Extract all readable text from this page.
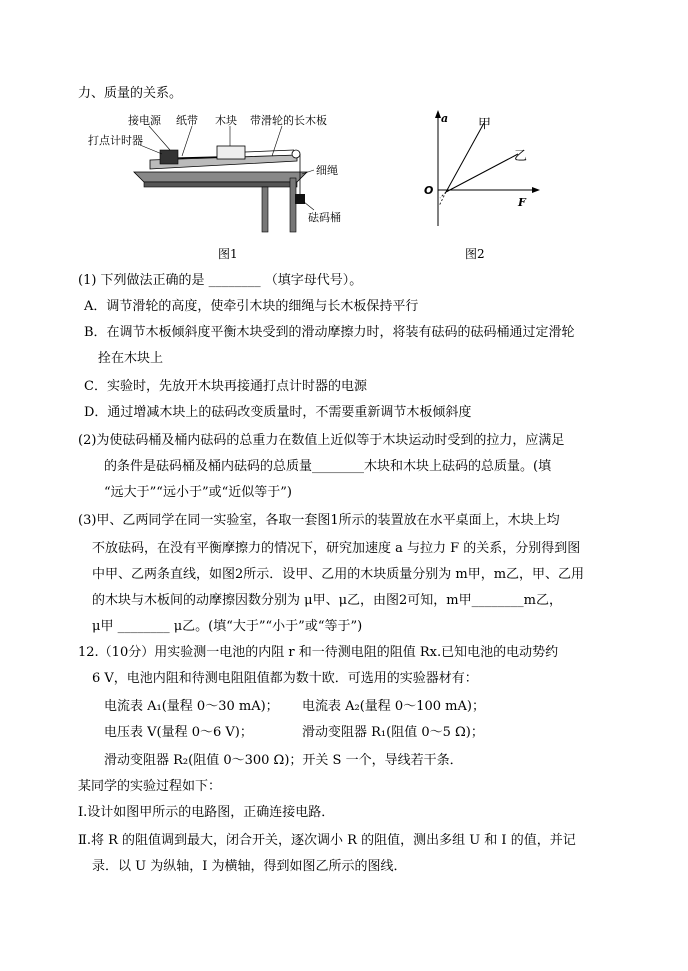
力、质量的关系。
接电源 纸带 木块 带滑轮的长木板
打点计时器
细绳
砝码桶
图1
a
F
O
甲
乙
图2
(1) 下列做法正确的是 ________ （填字母代号）。
A．调节滑轮的高度，使牵引木块的细绳与长木板保持平行
B．在调节木板倾斜度平衡木块受到的滑动摩擦力时，将装有砝码的砝码桶通过定滑轮
拴在木块上
C．实验时，先放开木块再接通打点计时器的电源
D．通过增减木块上的砝码改变质量时，不需要重新调节木板倾斜度
(2)为使砝码桶及桶内砝码的总重力在数值上近似等于木块运动时受到的拉力，应满足
的条件是砝码桶及桶内砝码的总质量________木块和木块上砝码的总质量。(填
“远大于”“远小于”或“近似等于”)
(3)甲、乙两同学在同一实验室，各取一套图1所示的装置放在水平桌面上，木块上均
不放砝码，在没有平衡摩擦力的情况下，研究加速度 a 与拉力 F 的关系，分别得到图
中甲、乙两条直线，如图2所示．设甲、乙用的木块质量分别为 m甲，m乙，甲、乙用
的木块与木板间的动摩擦因数分别为 μ甲、μ乙，由图2可知，m甲________m乙，
μ甲 ________ μ乙。(填“大于”“小于”或“等于”)
12.（10分）用实验测一电池的内阻 r 和一待测电阻的阻值 Rx.已知电池的电动势约
6 V，电池内阻和待测电阻阻值都为数十欧．可选用的实验器材有：
电流表 A₁(量程 0～30 mA)； 电流表 A₂(量程 0～100 mA)；
电压表 V(量程 0～6 V)；	滑动变阻器 R₁(阻值 0～5 Ω)；
滑动变阻器 R₂(阻值 0～300 Ω)；开关 S 一个，导线若干条．
某同学的实验过程如下：
Ⅰ.设计如图甲所示的电路图，正确连接电路．
Ⅱ.将 R 的阻值调到最大，闭合开关，逐次调小 R 的阻值，测出多组 U 和 I 的值，并记
录．以 U 为纵轴，I 为横轴，得到如图乙所示的图线．
